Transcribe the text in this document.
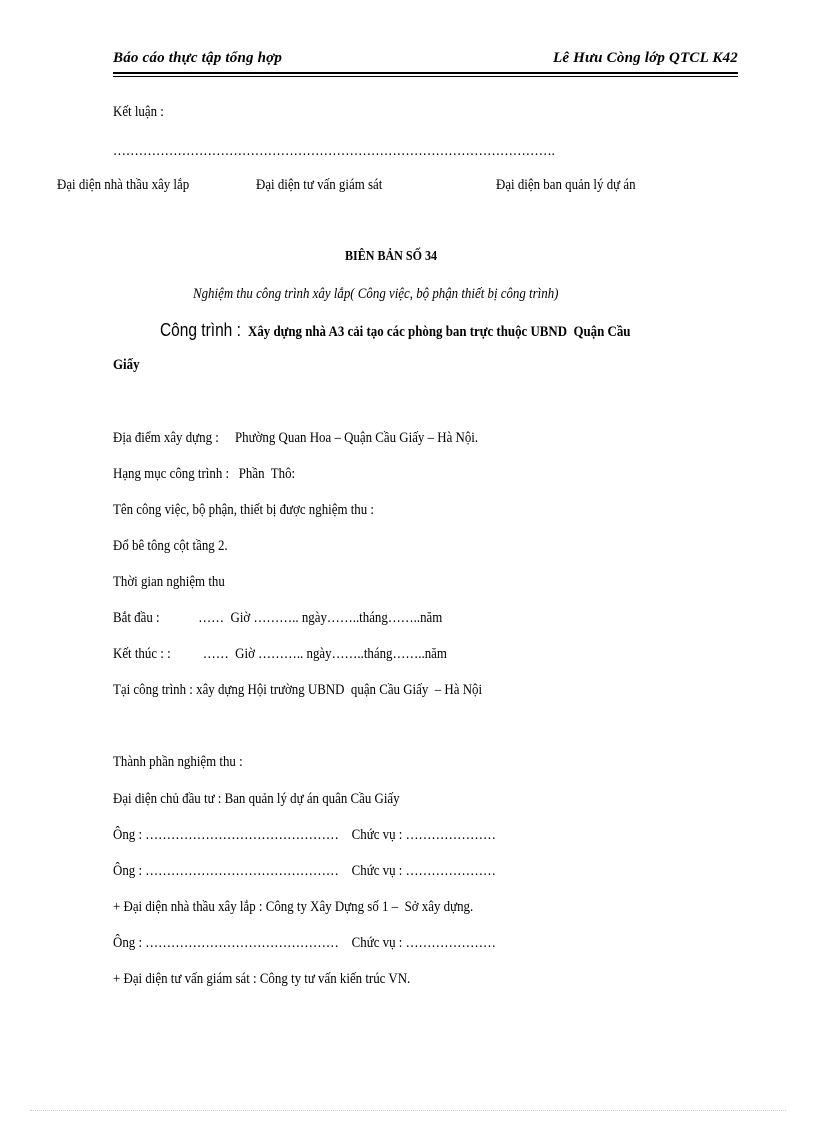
Báo cáo thực tập tổng hợp	Lê Hưu Còng lớp QTCL K42
Kết luận :
………………………………………………………………………………………….
Đại diện nhà thầu xây lắp	Đại diện tư vấn giám sát	Đại diện ban quản lý dự án
BIÊN BẢN SỐ 34
Nghiệm thu công trình xây lắp( Công việc, bộ phận thiết bị công trình)
Công trình : Xây dựng nhà A3 cải tạo các phòng ban trực thuộc UBND  Quận Cầu
Giấy
Địa điểm xây dựng :     Phường Quan Hoa – Quận Cầu Giấy – Hà Nội.
Hạng mục công trình :   Phần  Thô:
Tên công việc, bộ phận, thiết bị được nghiệm thu :
Đổ bê tông cột tầng 2.
Thời gian nghiệm thu
Bắt đầu :            ……  Giờ ……….. ngày……..tháng……..năm
Kết thúc : :          ……  Giờ ……….. ngày……..tháng……..năm
Tại công trình : xây dựng Hội trường UBND  quận Cầu Giấy  – Hà Nội
Thành phần nghiệm thu :
Đại diện chủ đầu tư : Ban quản lý dự án quân Cầu Giấy
Ông : ………………………………………    Chức vụ : …………………
Ông : ………………………………………    Chức vụ : …………………
+ Đại diện nhà thầu xây lắp : Công ty Xây Dựng số 1 –  Sở xây dựng.
Ông : ………………………………………    Chức vụ : …………………
+ Đại diện tư vấn giám sát : Công ty tư vấn kiến trúc VN.
